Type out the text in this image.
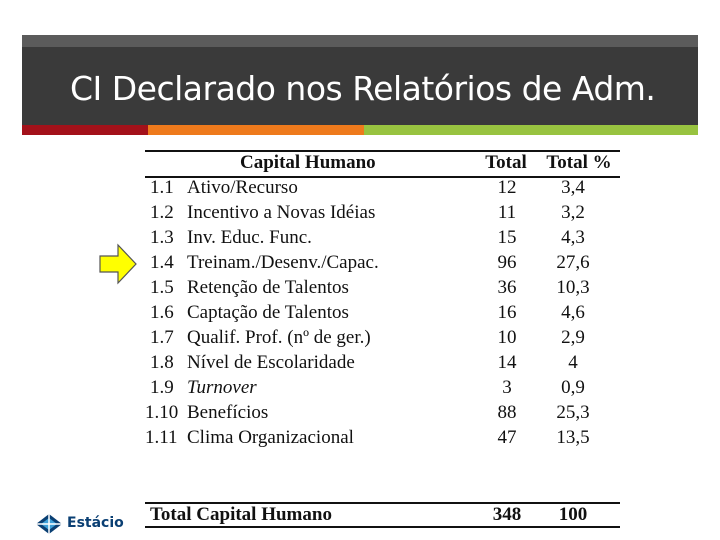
CI Declarado nos Relatórios de Adm.
Capital Humano	Total	Total %
1.1 Ativo/Recurso	12	3,4
1.2 Incentivo a Novas Idéias	11	3,2
1.3 Inv. Educ. Func.	15	4,3
1.4 Treinam./Desenv./Capac.	96	27,6
1.5 Retenção de Talentos	36	10,3
1.6 Captação de Talentos	16	4,6
1.7 Qualif. Prof. (nº de ger.)	10	2,9
1.8 Nível de Escolaridade	14	4
1.9 Turnover	3	0,9
1.10 Benefícios	88	25,3
1.11 Clima Organizacional	47	13,5
Total Capital Humano	348	100
Estácio
